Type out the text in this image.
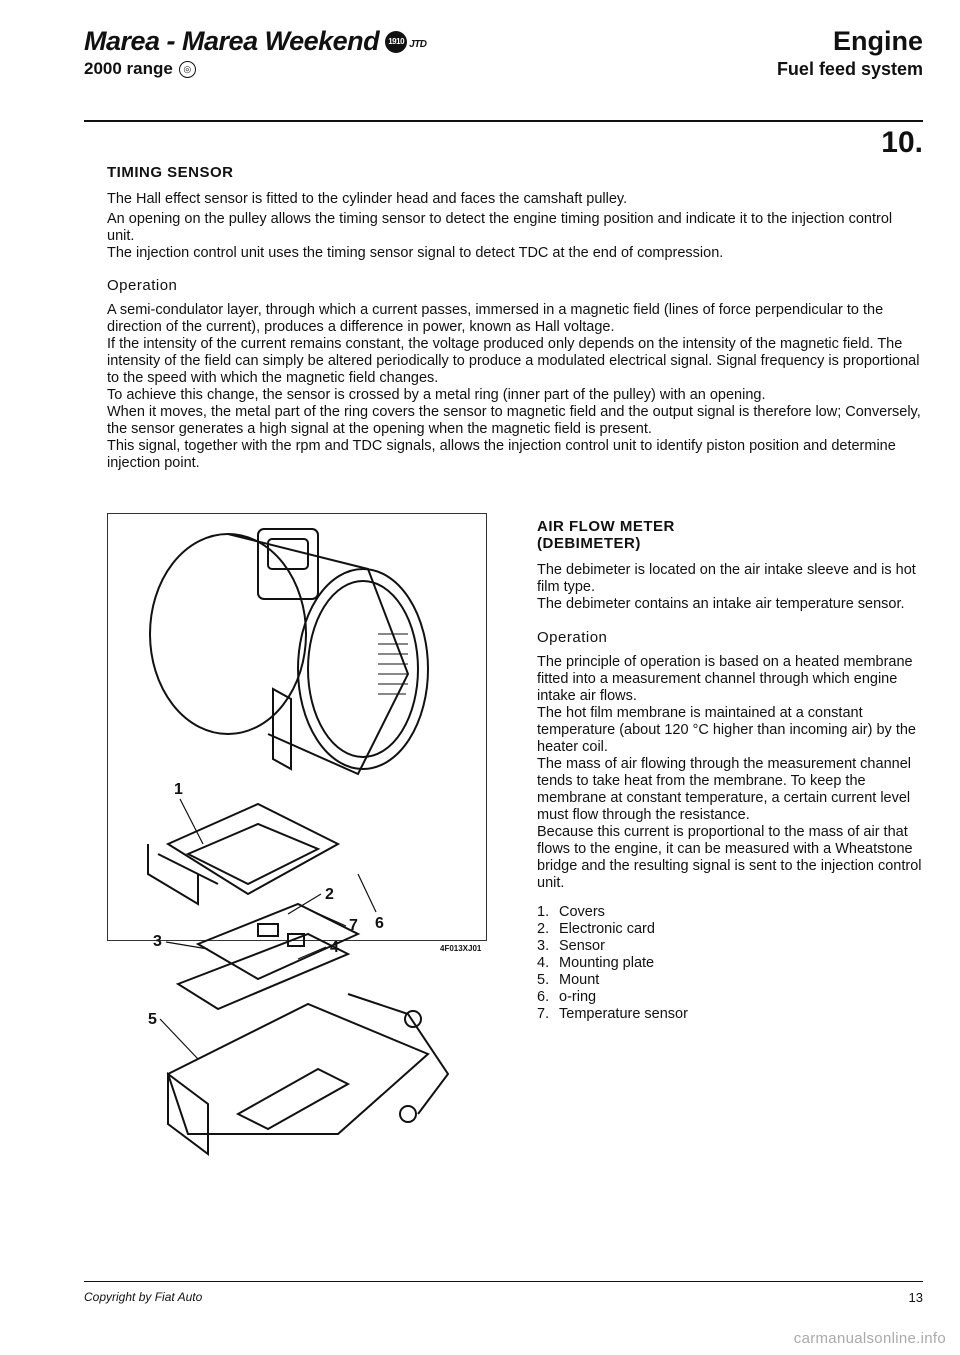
Marea - Marea Weekend	1910 JTD
2000 range	◎
Engine
Fuel feed system
10.

TIMING SENSOR

The Hall effect sensor is fitted to the cylinder head and faces the camshaft pulley.

An opening on the pulley allows the timing sensor to detect the engine timing position and indicate it to the injection control unit.

The injection control unit uses the timing sensor signal to detect TDC at the end of compression.

Operation

A semi-condulator layer, through which a current passes, immersed in a magnetic field (lines of force perpendicular to the direction of the current), produces a difference in power, known as Hall voltage.

If the intensity of the current remains constant, the voltage produced only depends on the intensity of the magnetic field. The intensity of the field can simply be altered periodically to produce a modulated electrical signal. Signal frequency is proportional to the speed with which the magnetic field changes.

To achieve this change, the sensor is crossed by a metal ring (inner part of the pulley) with an opening.

When it moves, the metal part of the ring covers the sensor to magnetic field and the output signal is therefore low; Conversely, the sensor generates a high signal at the opening when the magnetic field is present.

This signal, together with the rpm and TDC signals, allows the injection control unit to identify piston position and determine injection point.

1
2
3	4
5
6
7
4F013XJ01

AIR FLOW METER

(DEBIMETER)

The debimeter is located on the air intake sleeve and is hot film type.

The debimeter contains an intake air temperature sensor.

Operation

The principle of operation is based on a heated membrane fitted into a measurement channel through which engine intake air flows.

The hot film membrane is maintained at a constant temperature (about 120 °C higher than incoming air) by the heater coil.

The mass of air flowing through the measurement channel tends to take heat from the membrane. To keep the membrane at constant temperature, a certain current level must flow through the resistance.

Because this current is proportional to the mass of air that flows to the engine, it can be measured with a Wheatstone bridge and the resulting signal is sent to the injection control unit.

1. Covers
2. Electronic card
3. Sensor
4. Mounting plate
5. Mount
6. o-ring
7. Temperature sensor
Copyright by Fiat Auto	13
carmanualsonline.info
